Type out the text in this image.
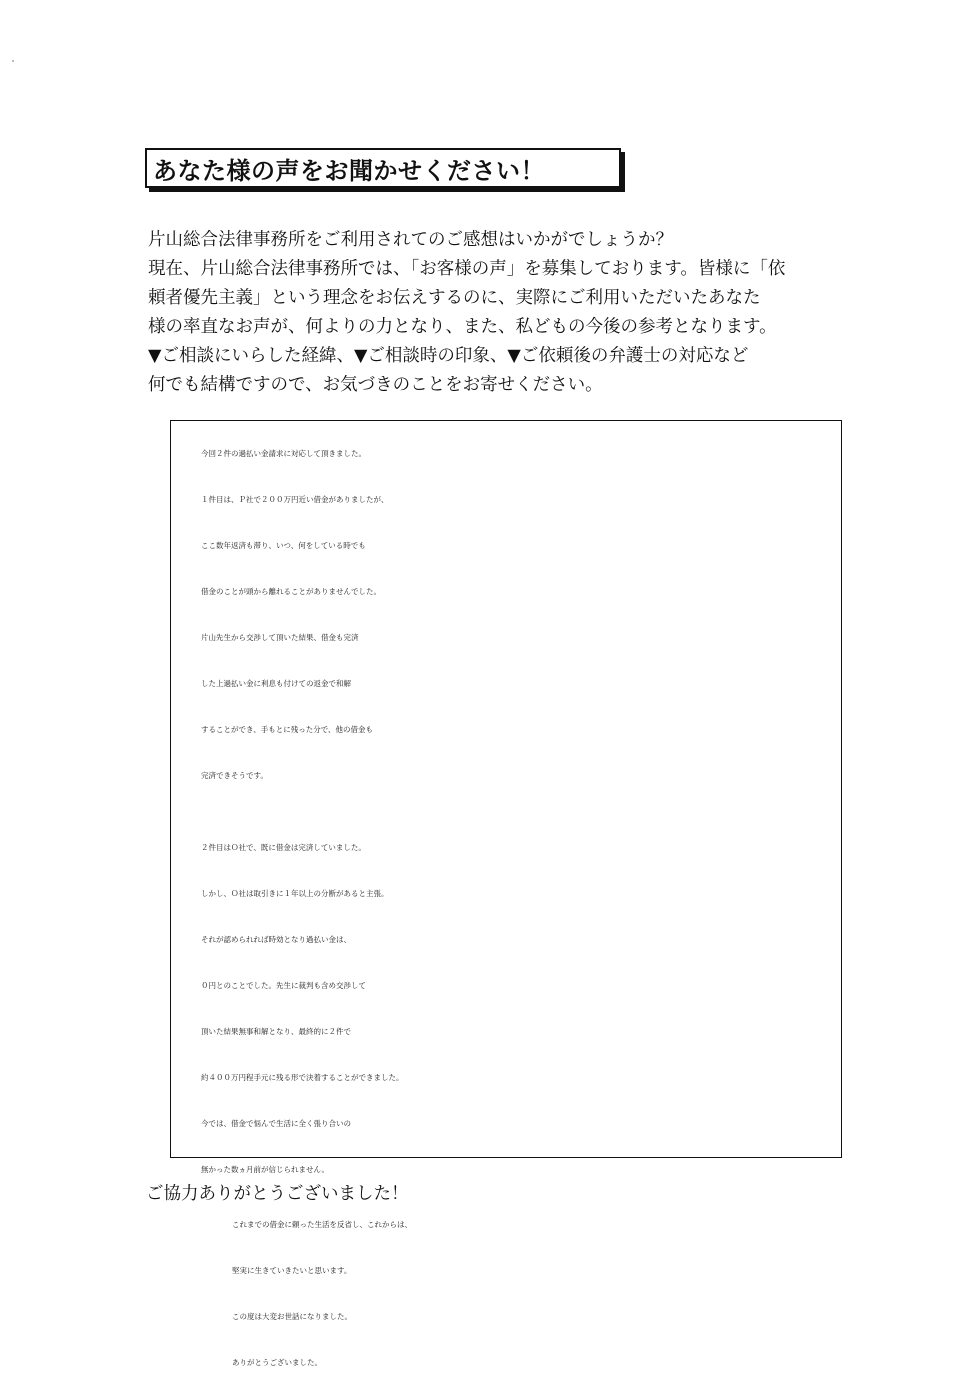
あなた様の声をお聞かせください！
片山総合法律事務所をご利用されてのご感想はいかがでしょうか？
現在、片山総合法律事務所では、「お客様の声」を募集しております。皆様に「依
頼者優先主義」という理念をお伝えするのに、実際にご利用いただいたあなた
様の率直なお声が、何よりの力となり、また、私どもの今後の参考となります。
▼ご相談にいらした経緯、▼ご相談時の印象、▼ご依頼後の弁護士の対応など
何でも結構ですので、お気づきのことをお寄せください。
今回２件の過払い金請求に対応して頂きました。
１件目は、Ｐ社で２００万円近い借金がありましたが、
ここ数年返済も滞り、いつ、何をしている時でも
借金のことが頭から離れることがありませんでした。
片山先生から交渉して頂いた結果、借金も完済
した上過払い金に利息も付けての返金で和解
することができ、手もとに残った分で、他の借金も
完済できそうです。
２件目はＯ社で、既に借金は完済していました。
しかし、Ｏ社は取引きに１年以上の分断があると主張。
それが認められれば時効となり過払い金は、
０円とのことでした。先生に裁判も含め交渉して
頂いた結果無事和解となり、最終的に２件で
約４００万円程手元に残る形で決着することができました。
今では、借金で悩んで生活に全く張り合いの
無かった数ヵ月前が信じられません。
ご協力ありがとうございました！
これまでの借金に頼った生活を反省し、これからは、
堅実に生きていきたいと思います。
この度は大変お世話になりました。
ありがとうございました。
